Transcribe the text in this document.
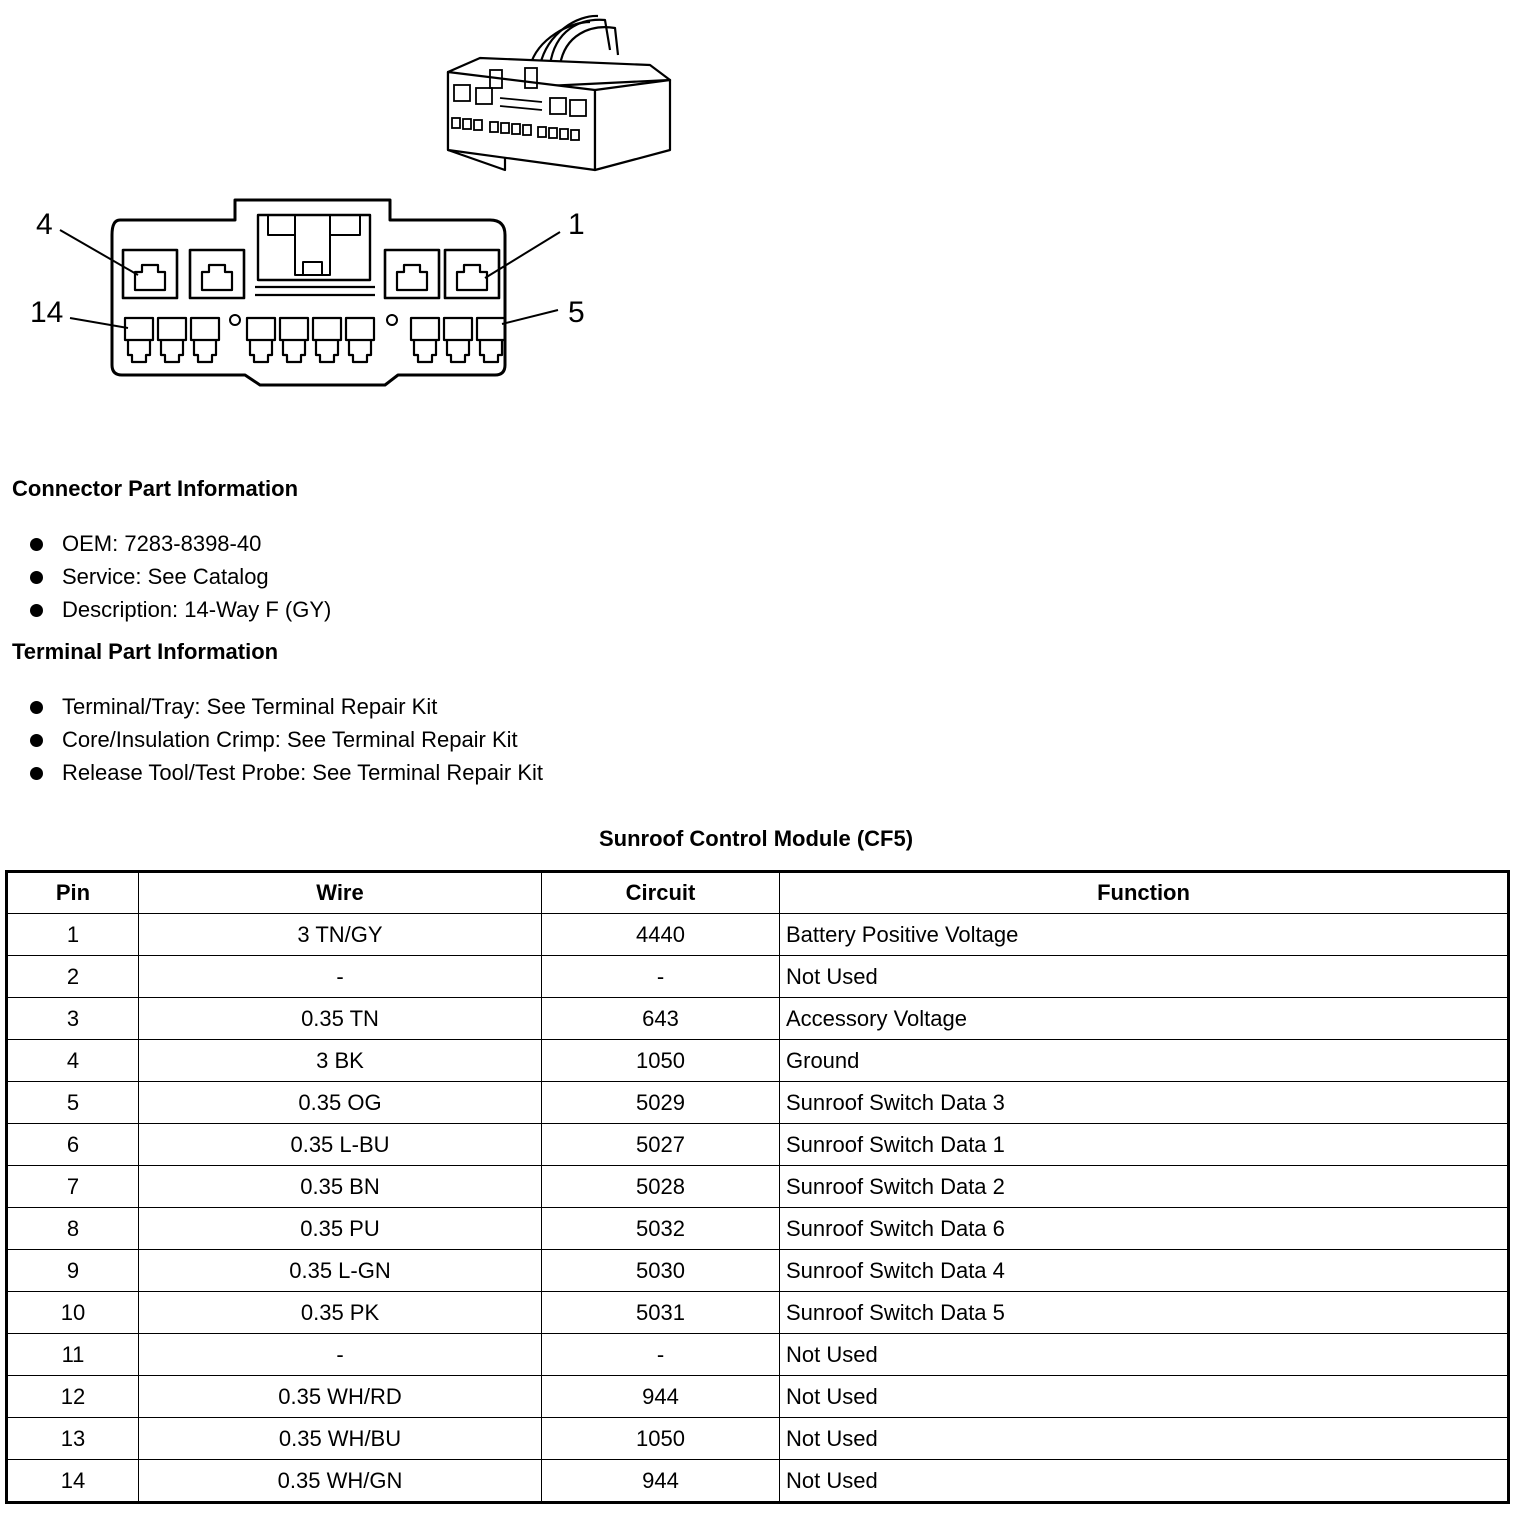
4	1
14	5
Connector Part Information
OEM: 7283-8398-40
Service: See Catalog
Description: 14-Way F (GY)
Terminal Part Information
Terminal/Tray: See Terminal Repair Kit
Core/Insulation Crimp: See Terminal Repair Kit
Release Tool/Test Probe: See Terminal Repair Kit
Sunroof Control Module (CF5)
Pin	Wire	Circuit	Function
1	3 TN/GY	4440	Battery Positive Voltage
2	-	-	Not Used
3	0.35 TN	643	Accessory Voltage
4	3 BK	1050	Ground
5	0.35 OG	5029	Sunroof Switch Data 3
6	0.35 L-BU	5027	Sunroof Switch Data 1
7	0.35 BN	5028	Sunroof Switch Data 2
8	0.35 PU	5032	Sunroof Switch Data 6
9	0.35 L-GN	5030	Sunroof Switch Data 4
10	0.35 PK	5031	Sunroof Switch Data 5
11	-	-	Not Used
12	0.35 WH/RD	944	Not Used
13	0.35 WH/BU	1050	Not Used
14	0.35 WH/GN	944	Not Used
